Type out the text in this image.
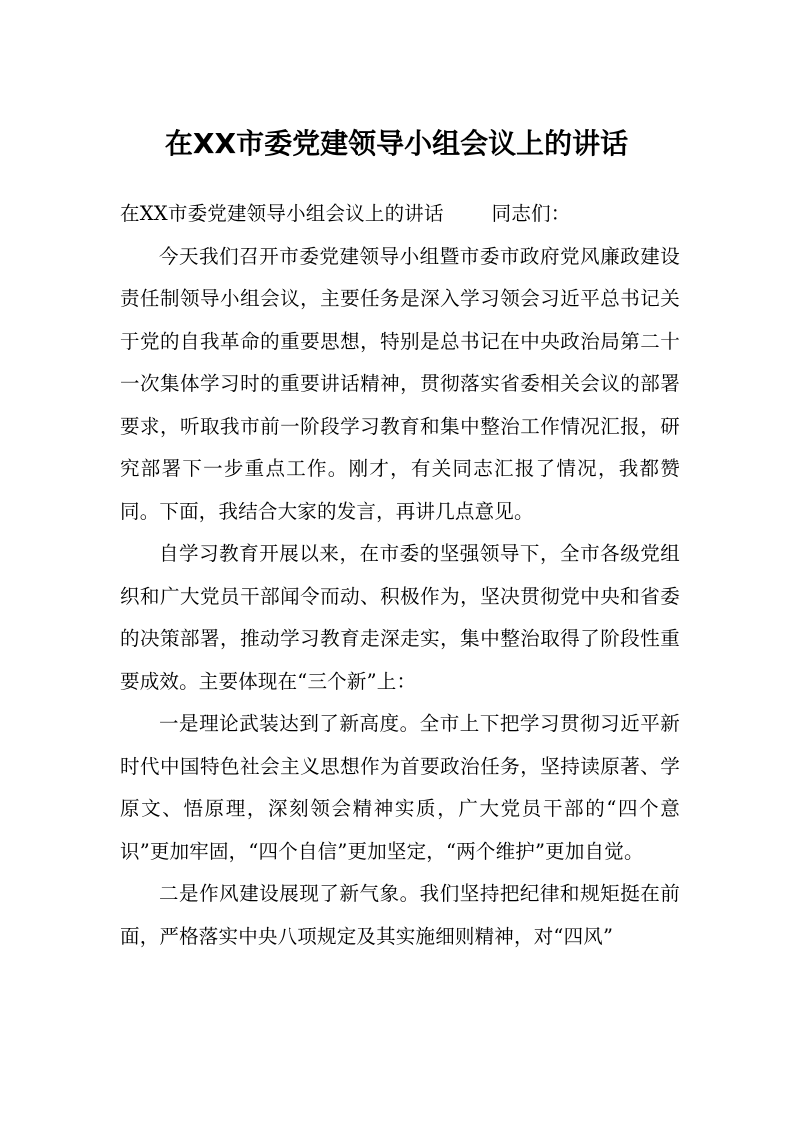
在XX市委党建领导小组会议上的讲话

在XX市委党建领导小组会议上的讲话 同志们：

今天我们召开市委党建领导小组暨市委市政府党风廉政建设责任制领导小组会议，主要任务是深入学习领会习近平总书记关于党的自我革命的重要思想，特别是总书记在中央政治局第二十一次集体学习时的重要讲话精神，贯彻落实省委相关会议的部署要求，听取我市前一阶段学习教育和集中整治工作情况汇报，研究部署下一步重点工作。刚才，有关同志汇报了情况，我都赞同。下面，我结合大家的发言，再讲几点意见。

自学习教育开展以来，在市委的坚强领导下，全市各级党组织和广大党员干部闻令而动、积极作为，坚决贯彻党中央和省委的决策部署，推动学习教育走深走实，集中整治取得了阶段性重要成效。主要体现在“三个新”上：

一是理论武装达到了新高度。全市上下把学习贯彻习近平新时代中国特色社会主义思想作为首要政治任务，坚持读原著、学原文、悟原理，深刻领会精神实质，广大党员干部的“四个意识”更加牢固，“四个自信”更加坚定，“两个维护”更加自觉。

二是作风建设展现了新气象。我们坚持把纪律和规矩挺在前面，严格落实中央八项规定及其实施细则精神，对“四风”
